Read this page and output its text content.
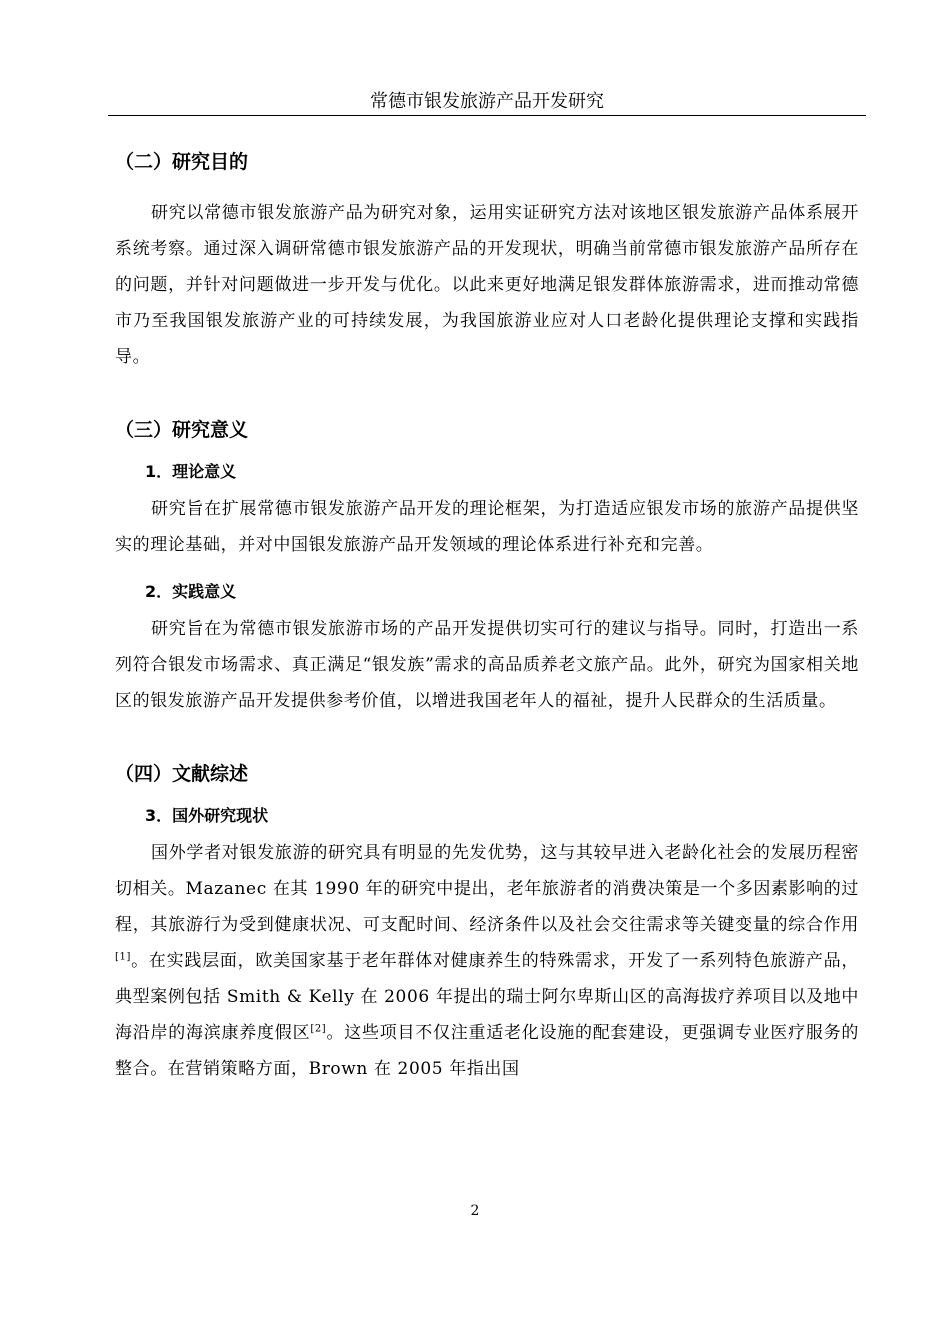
常德市银发旅游产品开发研究
（二）研究目的

研究以常德市银发旅游产品为研究对象，运用实证研究方法对该地区银发旅游产品体系展开系统考察。通过深入调研常德市银发旅游产品的开发现状，明确当前常德市银发旅游产品所存在的问题，并针对问题做进一步开发与优化。以此来更好地满足银发群体旅游需求，进而推动常德市乃至我国银发旅游产业的可持续发展，为我国旅游业应对人口老龄化提供理论支撑和实践指导。

（三）研究意义
1．理论意义

研究旨在扩展常德市银发旅游产品开发的理论框架，为打造适应银发市场的旅游产品提供坚实的理论基础，并对中国银发旅游产品开发领域的理论体系进行补充和完善。

2．实践意义

研究旨在为常德市银发旅游市场的产品开发提供切实可行的建议与指导。同时，打造出一系列符合银发市场需求、真正满足“银发族”需求的高品质养老文旅产品。此外，研究为国家相关地区的银发旅游产品开发提供参考价值，以增进我国老年人的福祉，提升人民群众的生活质量。

（四）文献综述
3．国外研究现状

国外学者对银发旅游的研究具有明显的先发优势，这与其较早进入老龄化社会的发展历程密切相关。Mazanec 在其 1990 年的研究中提出，老年旅游者的消费决策是一个多因素影响的过程，其旅游行为受到健康状况、可支配时间、经济条件以及社会交往需求等关键变量的综合作用[1]。在实践层面，欧美国家基于老年群体对健康养生的特殊需求，开发了一系列特色旅游产品，典型案例包括 Smith & Kelly 在 2006 年提出的瑞士阿尔卑斯山区的高海拔疗养项目以及地中海沿岸的海滨康养度假区[2]。这些项目不仅注重适老化设施的配套建设，更强调专业医疗服务的整合。在营销策略方面，Brown 在 2005 年指出国

2
